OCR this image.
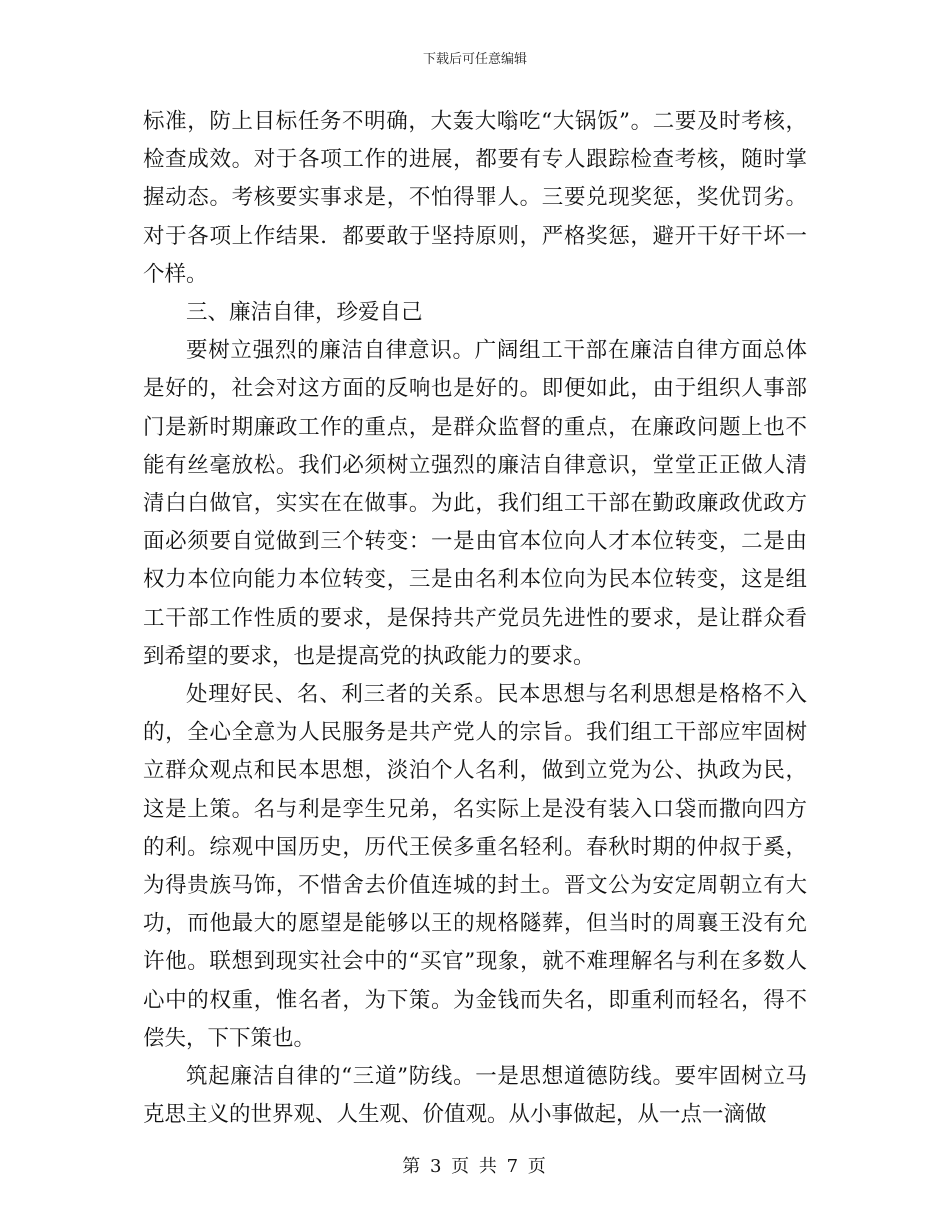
下载后可任意编辑

标准，防上目标任务不明确，大轰大嗡吃“大锅饭”。二要及时考核，检查成效。对于各项工作的进展，都要有专人跟踪检查考核，随时掌握动态。考核要实事求是，不怕得罪人。三要兑现奖惩，奖优罚劣。对于各项上作结果．都要敢于坚持原则，严格奖惩，避开干好干坏一个样。

三、廉洁自律，珍爱自己

要树立强烈的廉洁自律意识。广阔组工干部在廉洁自律方面总体是好的，社会对这方面的反响也是好的。即便如此，由于组织人事部门是新时期廉政工作的重点，是群众监督的重点，在廉政问题上也不能有丝毫放松。我们必须树立强烈的廉洁自律意识，堂堂正正做人清清白白做官，实实在在做事。为此，我们组工干部在勤政廉政优政方面必须要自觉做到三个转变：一是由官本位向人才本位转变，二是由权力本位向能力本位转变，三是由名利本位向为民本位转变，这是组工干部工作性质的要求，是保持共产党员先进性的要求，是让群众看到希望的要求，也是提高党的执政能力的要求。

处理好民、名、利三者的关系。民本思想与名利思想是格格不入的，全心全意为人民服务是共产党人的宗旨。我们组工干部应牢固树立群众观点和民本思想，淡泊个人名利，做到立党为公、执政为民，这是上策。名与利是孪生兄弟，名实际上是没有装入口袋而撒向四方的利。综观中国历史，历代王侯多重名轻利。春秋时期的仲叔于奚，为得贵族马饰，不惜舍去价值连城的封土。晋文公为安定周朝立有大功，而他最大的愿望是能够以王的规格隧葬，但当时的周襄王没有允许他。联想到现实社会中的“买官”现象，就不难理解名与利在多数人心中的权重，惟名者，为下策。为金钱而失名，即重利而轻名，得不偿失，下下策也。

筑起廉洁自律的“三道”防线。一是思想道德防线。要牢固树立马克思主义的世界观、人生观、价值观。从小事做起，从一点一滴做

第 3 页 共 7 页
